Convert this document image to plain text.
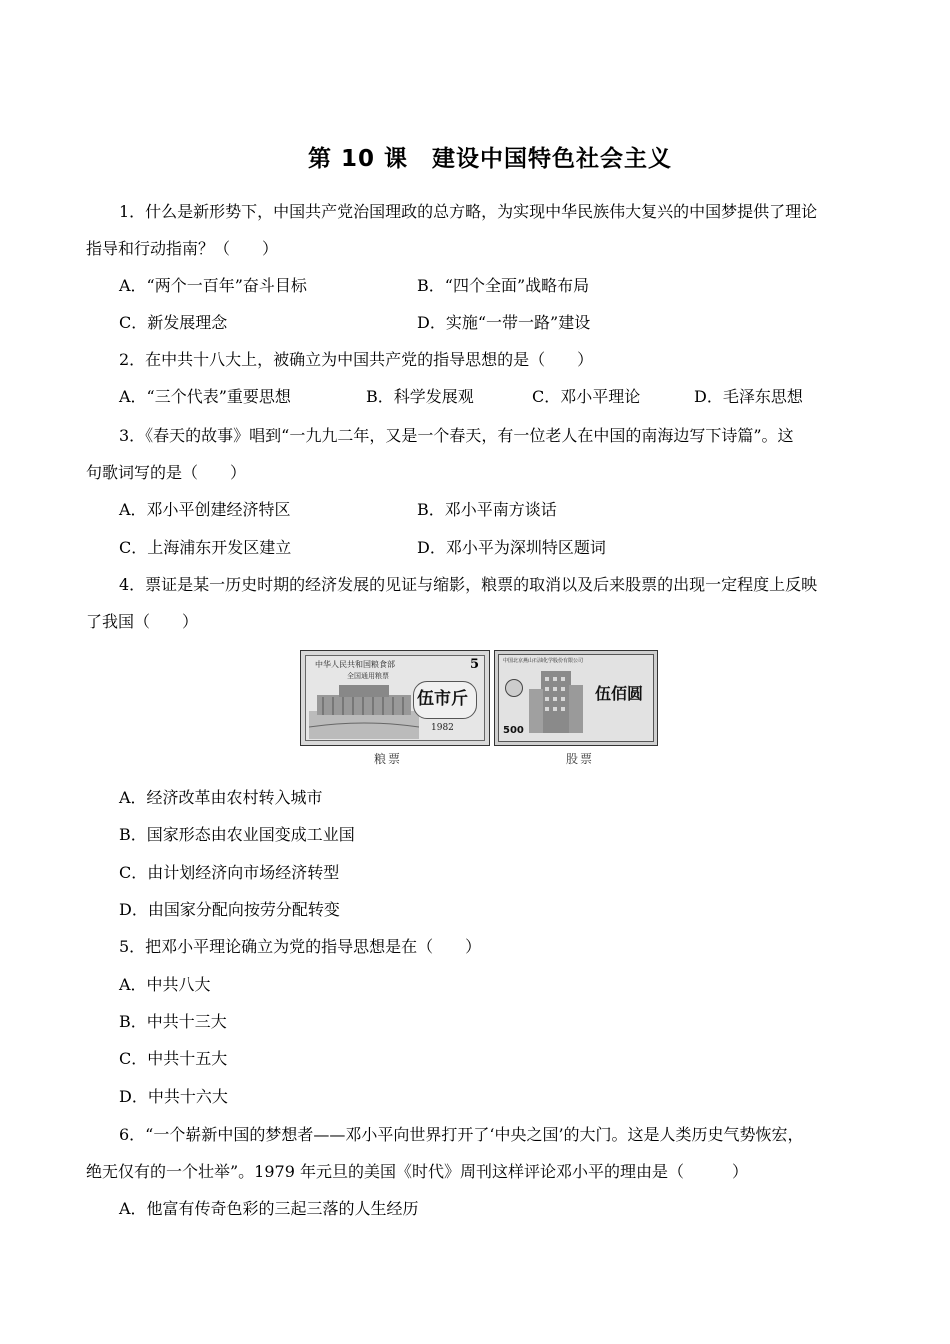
第 10 课　建设中国特色社会主义
1．什么是新形势下，中国共产党治国理政的总方略，为实现中华民族伟大复兴的中国梦提供了理论
指导和行动指南？（　　）
A．“两个一百年”奋斗目标	B．“四个全面”战略布局
C．新发展理念	D．实施“一带一路”建设
2．在中共十八大上，被确立为中国共产党的指导思想的是（　　）
A．“三个代表”重要思想	B．科学发展观	C．邓小平理论	D．毛泽东思想
3．《春天的故事》唱到“一九九二年，又是一个春天，有一位老人在中国的南海边写下诗篇”。这
句歌词写的是（　　）
A．邓小平创建经济特区	B．邓小平南方谈话
C．上海浦东开发区建立	D．邓小平为深圳特区题词
4．票证是某一历史时期的经济发展的见证与缩影，粮票的取消以及后来股票的出现一定程度上反映
了我国（　　）
中华人民共和国粮食部
全国通用粮票
5
伍市斤
1982
中国北京燕山石油化学股份有限公司
伍佰圆
500
粮票	股票
A．经济改革由农村转入城市
B．国家形态由农业国变成工业国
C．由计划经济向市场经济转型
D．由国家分配向按劳分配转变
5．把邓小平理论确立为党的指导思想是在（　　）
A．中共八大
B．中共十三大
C．中共十五大
D．中共十六大
6．“一个崭新中国的梦想者——邓小平向世界打开了‘中央之国’的大门。这是人类历史气势恢宏，
绝无仅有的一个壮举”。1979 年元旦的美国《时代》周刊这样评论邓小平的理由是（　　　）
A．他富有传奇色彩的三起三落的人生经历
